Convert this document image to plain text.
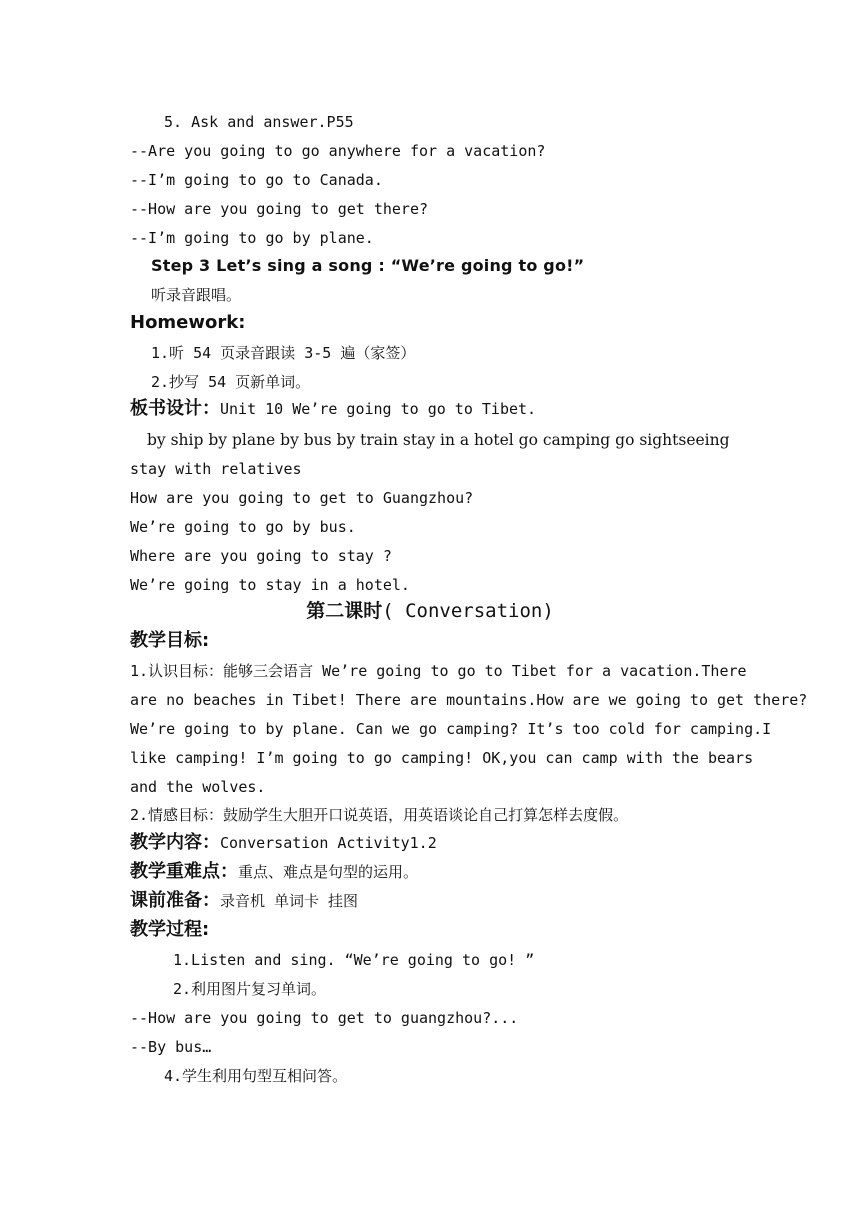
5. Ask and answer.P55
--Are you going to go anywhere for a vacation?
--I’m going to go to Canada.
--How are you going to get there?
--I’m going to go by plane.
Step 3 Let’s sing a song : “We’re going to go!”
听录音跟唱。
Homework:
1.听 54 页录音跟读 3-5 遍（家签）
2.抄写 54 页新单词。
板书设计：Unit 10 We’re going to go to Tibet.
by ship by plane by bus by train stay in a hotel go camping go sightseeing
stay with relatives
How are you going to get to Guangzhou?
We’re going to go by bus.
Where are you going to stay ?
We’re going to stay in a hotel.
第二课时( Conversation)
教学目标:
1.认识目标：能够三会语言 We’re going to go to Tibet for a vacation.There
are no beaches in Tibet! There are mountains.How are we going to get there?
We’re going to by plane. Can we go camping? It’s too cold for camping.I
like camping! I’m going to go camping! OK,you can camp with the bears
and the wolves.
2.情感目标：鼓励学生大胆开口说英语，用英语谈论自己打算怎样去度假。
教学内容：Conversation Activity1.2
教学重难点：重点、难点是句型的运用。
课前准备：录音机 单词卡 挂图
教学过程:
1.Listen and sing. “We’re going to go! ”
2.利用图片复习单词。
--How are you going to get to guangzhou?...
--By bus…
4.学生利用句型互相问答。
